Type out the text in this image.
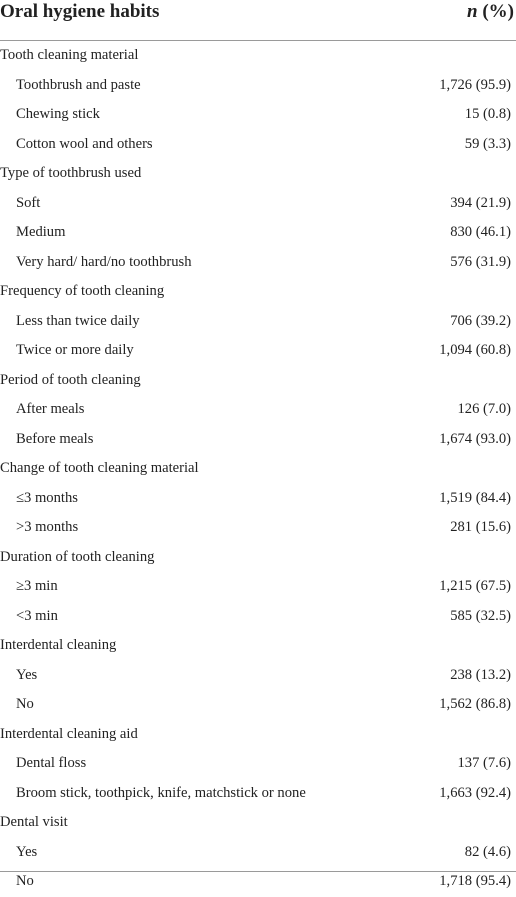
Oral hygiene habits	n (%)
Tooth cleaning material
Toothbrush and paste	1,726 (95.9)
Chewing stick	15 (0.8)
Cotton wool and others	59 (3.3)
Type of toothbrush used
Soft	394 (21.9)
Medium	830 (46.1)
Very hard/ hard/no toothbrush	576 (31.9)
Frequency of tooth cleaning
Less than twice daily	706 (39.2)
Twice or more daily	1,094 (60.8)
Period of tooth cleaning
After meals	126 (7.0)
Before meals	1,674 (93.0)
Change of tooth cleaning material
≤3 months	1,519 (84.4)
>3 months	281 (15.6)
Duration of tooth cleaning
≥3 min	1,215 (67.5)
<3 min	585 (32.5)
Interdental cleaning
Yes	238 (13.2)
No	1,562 (86.8)
Interdental cleaning aid
Dental floss	137 (7.6)
Broom stick, toothpick, knife, matchstick or none	1,663 (92.4)
Dental visit
Yes	82 (4.6)
No	1,718 (95.4)
